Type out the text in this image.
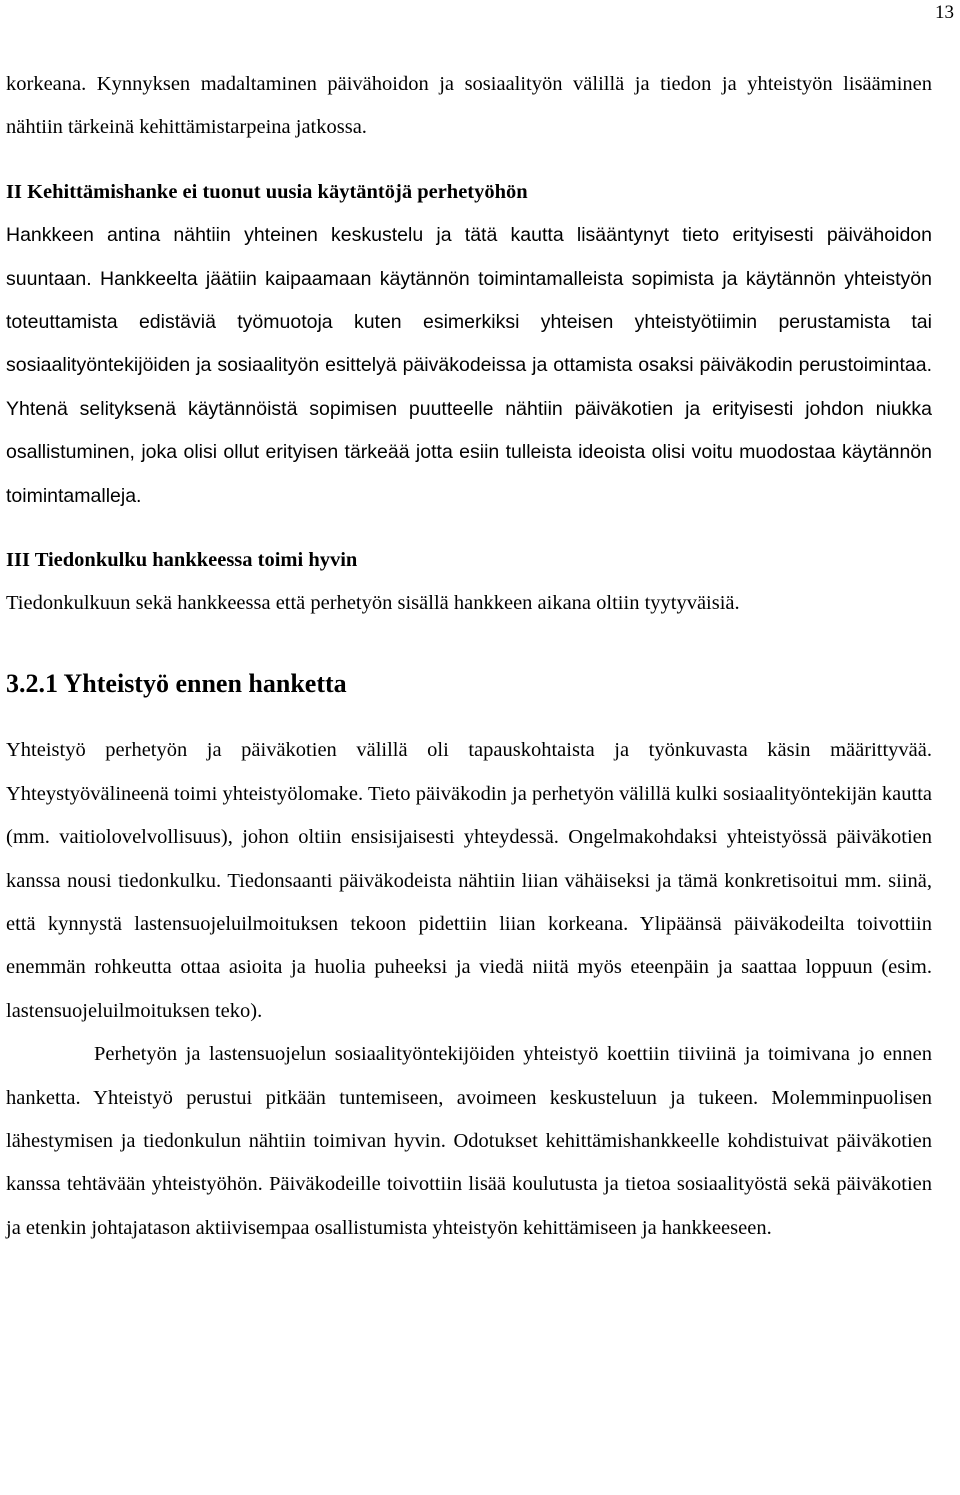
13

korkeana. Kynnyksen madaltaminen päivähoidon ja sosiaalityön välillä ja tiedon ja yhteistyön lisääminen nähtiin tärkeinä kehittämistarpeina jatkossa.

II Kehittämishanke ei tuonut uusia käytäntöjä perhetyöhön

Hankkeen antina nähtiin yhteinen keskustelu ja tätä kautta lisääntynyt tieto erityisesti päivähoidon suuntaan. Hankkeelta jäätiin kaipaamaan käytännön toimintamalleista sopimista ja käytännön yhteistyön toteuttamista edistäviä työmuotoja kuten esimerkiksi yhteisen yhteistyötiimin perustamista tai sosiaalityöntekijöiden ja sosiaalityön esittelyä päiväkodeissa ja ottamista osaksi päiväkodin perustoimintaa. Yhtenä selityksenä käytännöistä sopimisen puutteelle nähtiin päiväkotien ja erityisesti johdon niukka osallistuminen, joka olisi ollut erityisen tärkeää jotta esiin tulleista ideoista olisi voitu muodostaa käytännön toimintamalleja.

III Tiedonkulku hankkeessa toimi hyvin

Tiedonkulkuun sekä hankkeessa että perhetyön sisällä hankkeen aikana oltiin tyytyväisiä.

3.2.1 Yhteistyö ennen hanketta

Yhteistyö perhetyön ja päiväkotien välillä oli tapauskohtaista ja työnkuvasta käsin määrittyvää. Yhteystyövälineenä toimi yhteistyölomake. Tieto päiväkodin ja perhetyön välillä kulki sosiaalityöntekijän kautta (mm. vaitiolovelvollisuus), johon oltiin ensisijaisesti yhteydessä. Ongelmakohdaksi yhteistyössä päiväkotien kanssa nousi tiedonkulku. Tiedonsaanti päiväkodeista nähtiin liian vähäiseksi ja tämä konkretisoitui mm. siinä, että kynnystä lastensuojeluilmoituksen tekoon pidettiin liian korkeana. Ylipäänsä päiväkodeilta toivottiin enemmän rohkeutta ottaa asioita ja huolia puheeksi ja viedä niitä myös eteenpäin ja saattaa loppuun (esim. lastensuojeluilmoituksen teko).

Perhetyön ja lastensuojelun sosiaalityöntekijöiden yhteistyö koettiin tiiviinä ja toimivana jo ennen hanketta. Yhteistyö perustui pitkään tuntemiseen, avoimeen keskusteluun ja tukeen. Molemminpuolisen lähestymisen ja tiedonkulun nähtiin toimivan hyvin. Odotukset kehittämishankkeelle kohdistuivat päiväkotien kanssa tehtävään yhteistyöhön. Päiväkodeille toivottiin lisää koulutusta ja tietoa sosiaalityöstä sekä päiväkotien ja etenkin johtajatason aktiivisempaa osallistumista yhteistyön kehittämiseen ja hankkeeseen.
